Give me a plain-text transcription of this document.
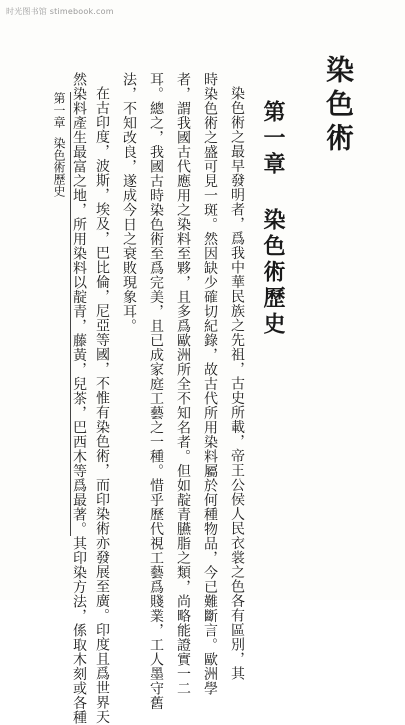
时光图书馆 stimebook.com
染色術
第一章 染色術歷史
染色術之最早發明者，爲我中華民族之先祖，古史所載，帝王公侯人民衣裳之色各有區別，其
時染色術之盛可見一斑。然因缺少確切紀錄，故古代所用染料屬於何種物品，今已難斷言。歐洲學
者，謂我國古代應用之染料至夥，且多爲歐洲所全不知名者。但如靛青臙脂之類，尚略能證實一二
耳。總之，我國古時染色術至爲完美，且已成家庭工藝之一種。惜乎歷代視工藝爲賤業，工人墨守舊
法，不知改良，遂成今日之衰敗現象耳。
在古印度，波斯，埃及，巴比倫，尼亞等國，不惟有染色術，而印染術亦發展至廣。印度且爲世界天
然染料產生最富之地，所用染料以靛青，藤黃，兒茶，巴西木等爲最著。其印染方法，係取木刻或各種
第一章
染色術歷史
